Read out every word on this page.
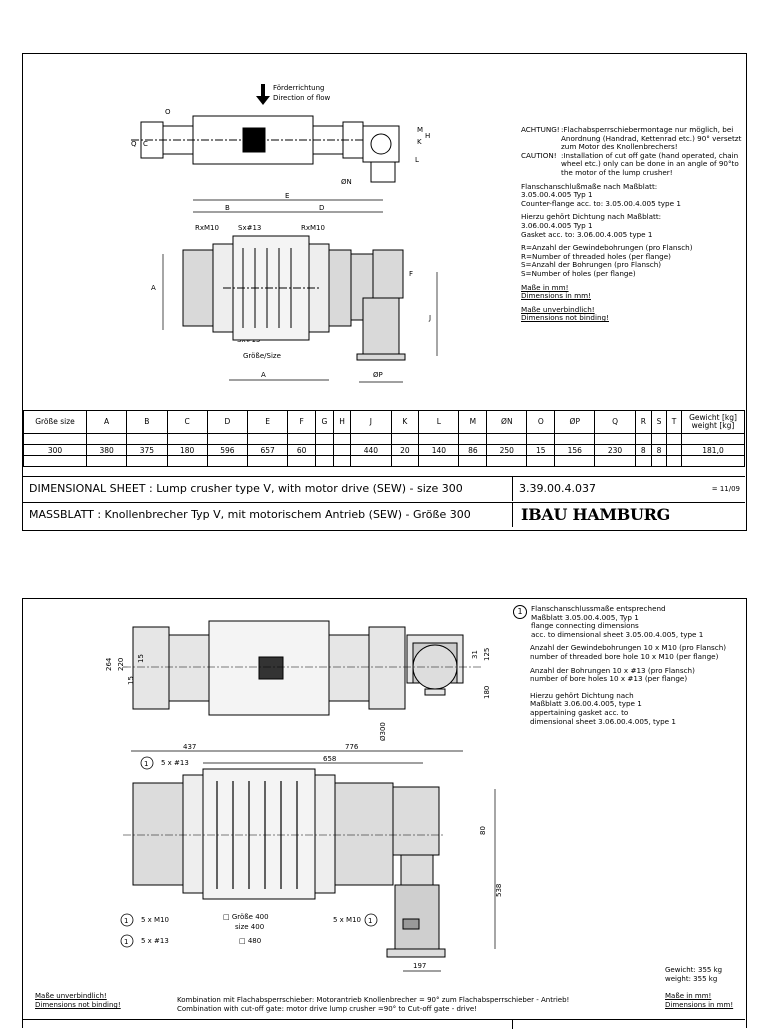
Förderrichtung
Direction of flow
Q C
O
M
K
H
L
ØN
E
B	D
RxM10	Sx#13	RxM10
A
Größe/Size
A
F
J
ØP
ACHTUNG! :Flachabsperrschiebermontage nur möglich, bei Anordnung (Handrad, Kettenrad etc.) 90° versetzt zum Motor des Knollenbrechers!
CAUTION! :Installation of cut off gate (hand operated, chain wheel etc.) only can be done in an angle of 90°to the motor of the lump crusher!

Flanschanschlußmaße nach Maßblatt:
3.05.00.4.005 Typ 1
Counter-flange acc. to: 3.05.00.4.005 type 1

Hierzu gehört Dichtung nach Maßblatt:
3.06.00.4.005 Typ 1
Gasket acc. to: 3.06.00.4.005 type 1

R=Anzahl der Gewindebohrungen (pro Flansch)
R=Number of threaded holes (per flange)
S=Anzahl der Bohrungen (pro Flansch)
S=Number of holes (per flange)

Maße in mm!
Dimensions in mm!

Maße unverbindlich!
Dimensions not binding!

Größe size	A	B	C	D	E	F	G	H	J	K	L	M	ØN	O	ØP	Q	R	S	T	Gewicht [kg] weight [kg]

300	380	375	180	596	657	60			440	20	140	86	250	15	156	230	8	8		181,0

DIMENSIONAL SHEET : Lump crusher type V, with motor drive (SEW) - size 300	3.39.00.4.037	= 11/09
MASSBLATT : Knollenbrecher Typ V, mit motorischem Antrieb (SEW) - Größe 300	IBAU HAMBURG
264 220
15
15	31 125
180
Ø300
437	776
658
80
538
197
1
1
1
1
5 x #13
5 x M10	5 x M10
5 x #13
□ Größe 400
size 400
□ 480
1	Flanschanschlussmaße entsprechend
Maßblatt 3.05.00.4.005, Typ 1
flange connecting dimensions
acc. to dimensional sheet 3.05.00.4.005, type 1

Anzahl der Gewindebohrungen 10 x M10 (pro Flansch)
number of threaded bore hole 10 x M10 (per flange)

Anzahl der Bohrungen 10 x #13 (pro Flansch)
number of bore holes 10 x #13 (per flange)

Hierzu gehört Dichtung nach
Maßblatt 3.06.00.4.005, type 1
appertaining gasket acc. to
dimensional sheet 3.06.00.4.005, type 1

Gewicht: 355 kg
weight: 355 kg
Maße in mm!
Dimensions in mm!
Maße unverbindlich!
Dimensions not binding!
Kombination mit Flachabsperrschieber: Motorantrieb Knollenbrecher = 90° zum Flachabsperrschieber - Antrieb!
Combination with cut-off gate: motor drive lump crusher =90° to Cut-off gate - drive!
